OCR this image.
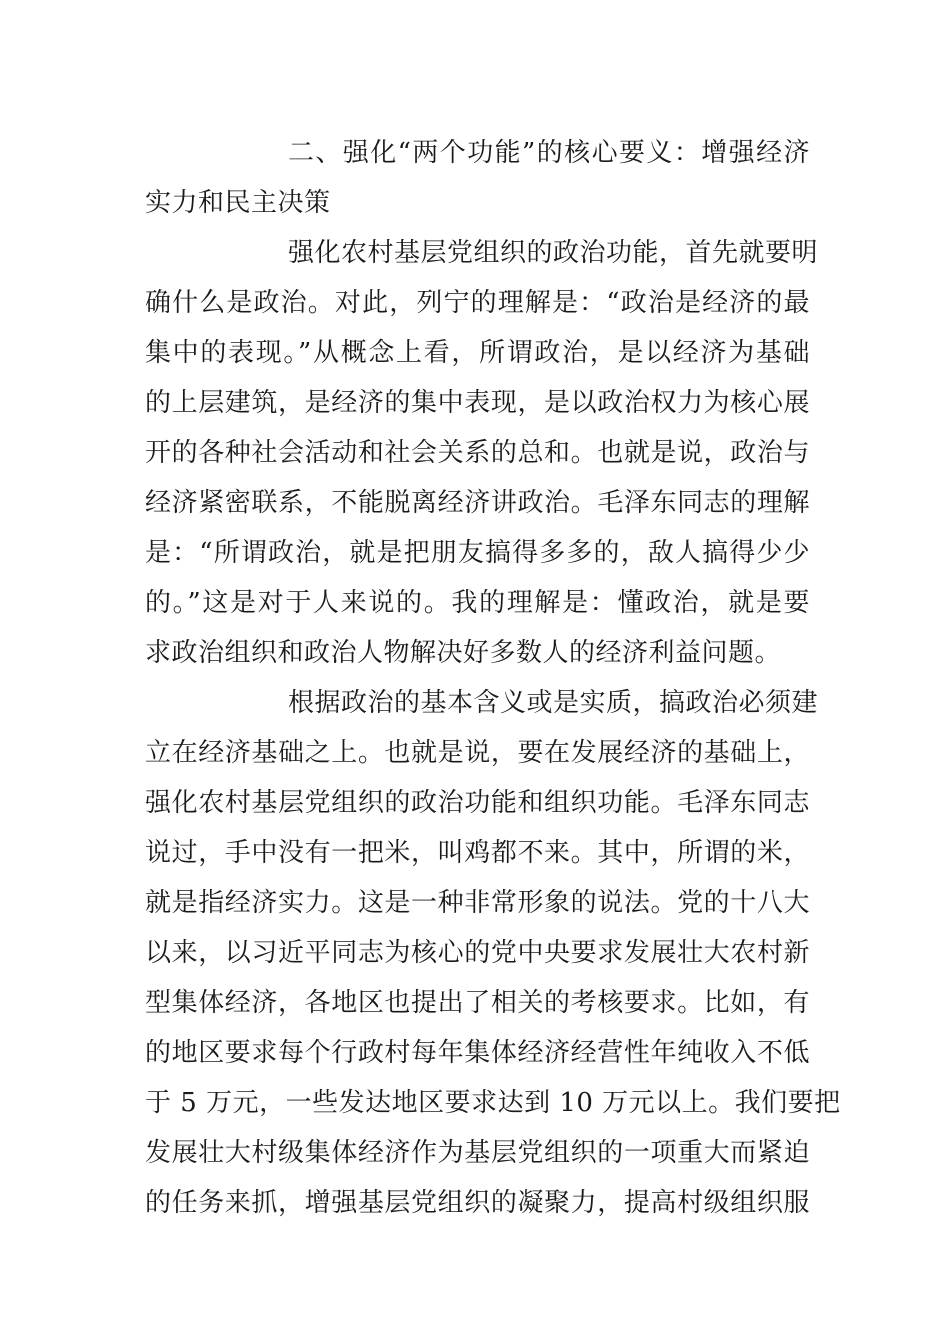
二、强化“两个功能”的核心要义：增强经济
实力和民主决策
强化农村基层党组织的政治功能，首先就要明
确什么是政治。对此，列宁的理解是：“政治是经济的最
集中的表现。”从概念上看，所谓政治，是以经济为基础
的上层建筑，是经济的集中表现，是以政治权力为核心展
开的各种社会活动和社会关系的总和。也就是说，政治与
经济紧密联系，不能脱离经济讲政治。毛泽东同志的理解
是：“所谓政治，就是把朋友搞得多多的，敌人搞得少少
的。”这是对于人来说的。我的理解是：懂政治，就是要
求政治组织和政治人物解决好多数人的经济利益问题。
根据政治的基本含义或是实质，搞政治必须建
立在经济基础之上。也就是说，要在发展经济的基础上，
强化农村基层党组织的政治功能和组织功能。毛泽东同志
说过，手中没有一把米，叫鸡都不来。其中，所谓的米，
就是指经济实力。这是一种非常形象的说法。党的十八大
以来，以习近平同志为核心的党中央要求发展壮大农村新
型集体经济，各地区也提出了相关的考核要求。比如，有
的地区要求每个行政村每年集体经济经营性年纯收入不低
于 5 万元，一些发达地区要求达到 10 万元以上。我们要把
发展壮大村级集体经济作为基层党组织的一项重大而紧迫
的任务来抓，增强基层党组织的凝聚力，提高村级组织服
